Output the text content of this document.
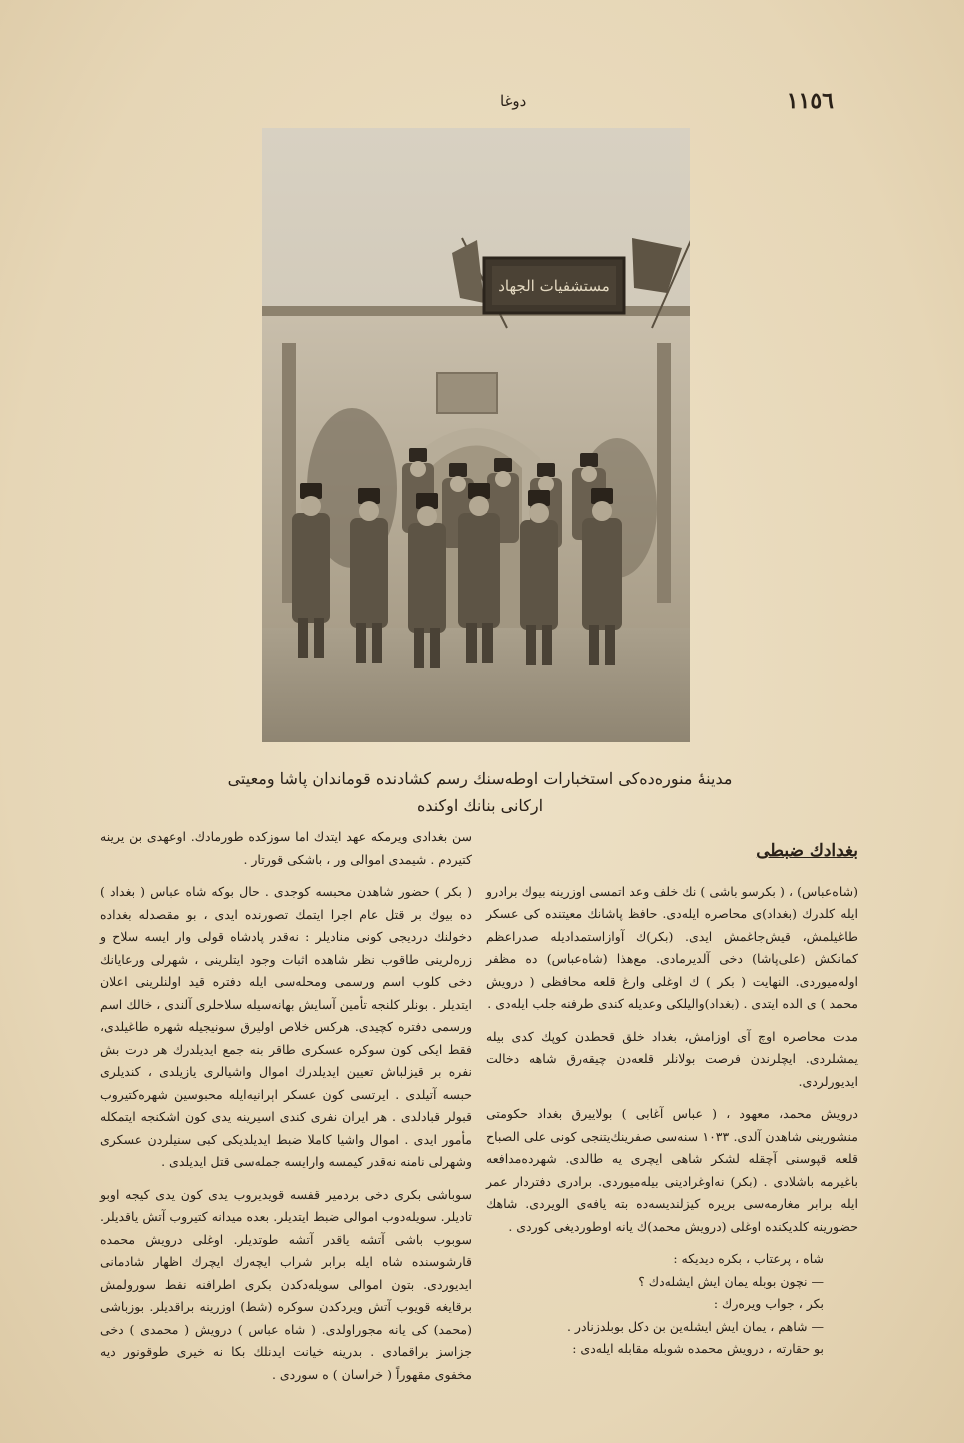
١١٥٦
دوغا
مستشفيات الجهاد
مدينهٔ منوره‌ده‌كى استخبارات اوطه‌سنك رسم كشادنده قوماندان پاشا ومعيتى
اركانى بنانك اوكنده
بغدادك ضبطى

(شاه‌عباس) ، ( بكرسو باشى ) نك خلف وعد اتمسى اوزرينه بيوك برادرو ايله كلدرك (بغداد)ى محاصره ايله‌دى. حافظ پاشانك معيتنده كى عسكر طاغيلمش، قيش‌جاغمش ايدى. (بكر)ك آوازاستمداديله صدراعظم كمانكش (على‌پاشا) دخى آلديرمادى. مع‌هذا (شاه‌عباس) ده مظفر اوله‌ميوردى. النهايت ( بكر ) ك اوغلى وارغ قلعه محافظى ( درويش محمد ) ى الده ايتدى . (بغداد)واليلكى وعديله كندى طرفنه جلب ايله‌دى .

مدت محاصره اوچ آى اوزامش، بغداد خلق قحطدن كوپك كدى بيله يمشلردى. ايچلرندن فرصت بولانلر قلعه‌دن چيقه‌رق شاهه دخالت ايديورلردى.

درويش محمد، معهود ، ( عباس آغابى ) بولاييرق بغداد حكومتى منشورينى شاهدن آلدى. ١٠٣٣ سنه‌سى صفرينك‌يتنجى كونى على الصباح قلعه قپوسنى آچقله لشكر شاهى ايچرى يه طالدى. شهرده‌مدافعه باغيرمه باشلادى . (بكر) نه‌اوغرادينى بيله‌ميوردى. برادرى دفتردار عمر ايله برابر مغارمه‌سى بريره كيزلنديسه‌ده بته يافه‌ى الويردى. شاهك حضورينه كلديكنده اوغلى (درويش محمد)ك يانه اوطورديغى كوردى .

شاه ، پرعتاب ، بكره ديديكه :

— نچون بوبله يمان ايش ايشله‌دك ؟

بكر ، جواب ويره‌رك :

— شاهم ، يمان ايش ايشله‌ين بن دكل بوبلدزنادر .

بو حقارته ، درويش محمده شوبله مقابله ايله‌دى :

سن بغدادى ويرمكه عهد ايتدك اما سوزكده طورمادك. اوعهدى بن يرينه كتيردم . شيمدى اموالى ور ، باشكى قورتار .

( بكر ) حضور شاهدن محبسه كوجدى . حال بوكه شاه عباس ( بغداد ) ده بيوك بر قتل عام اجرا ايتمك تصورنده ايدى ، بو مقصدله بغداده دخولنك درديجى كونى منادیلر : نه‌قدر پادشاه قولى وار ايسه سلاح و زره‌لرينى طاقوب نظر شاهده اثبات وجود ايتلرينى ، شهرلى ورعايانك دخى كلوب اسم ورسمى ومحله‌سى ايله دفتره قيد اولنلرينى اعلان ايتديلر . بونلر كلنجه تأمين آسايش بهانه‌سيله سلاحلرى آلندى ، خالك اسم ورسمى دفتره كچيدى. هركس خلاص اوليرق سونيجيله شهره طاغيلدى، فقط ايكى كون سوكره عسكرى طاقر بنه جمع ايديلدرك هر درت بش نفره بر قيزلباش تعيين ايديلدرك اموال واشيالرى يازيلدى ، كنديلرى حبسه آتيلدى . ايرتسى كون عسكر اېرانيه‌ايله محبوسين شهره‌كتيروب قبولر قبادلدى . هر ايران نفرى كندى اسيرينه يدى كون اشكنجه ايتمكله مأمور ايدى . اموال واشيا كاملا ضبط ايديلديكى كبى سنيلردن عسكرى وشهرلى نامنه نه‌قدر كيمسه وارايسه جمله‌سى قتل ايديلدى .

سوباشى بكرى دخى بردمير قفسه قويديروب يدى كون يدى كيجه اوبو تاديلر. سويله‌دوب اموالى ضبط ايتديلر. بعده ميدانه كتيروب آتش ياقديلر. سوبوب باشى آتشه ياقدر آتشه طوتديلر. اوغلى درويش محمده‌ قارشوسنده شاه ايله برابر شراب ايچه‌رك ايچرك اظهار شادمانى ايديوردى. بتون اموالى سويله‌دكدن بكرى اطرافنه نفط سورولمش برقايغه قويوب آتش ويردكدن سوكره (شط) اوزرينه براقديلر. بوزباشى (محمد) كى يانه مجوراولدى. ( شاه عباس ) درويش ( محمدى ) دخى جزاسز براقمادى . بدرينه خيانت ايدنلك بكا نه خيرى طوقونور ديه مخفوى مقهوراً ( خراسان ) ه سوردى .
